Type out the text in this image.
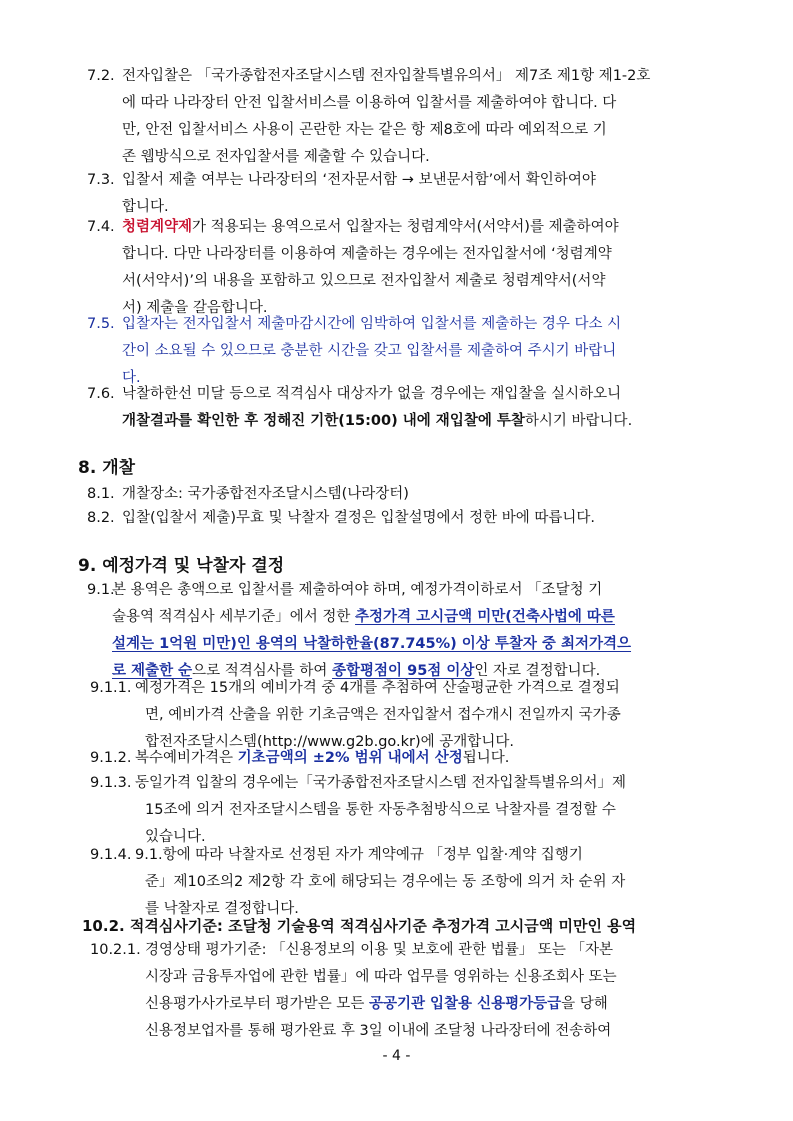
7.2. 전자입찰은 「국가종합전자조달시스템 전자입찰특별유의서」 제7조 제1항 제1-2호
에 따라 나라장터 안전 입찰서비스를 이용하여 입찰서를 제출하여야 합니다. 다
만, 안전 입찰서비스 사용이 곤란한 자는 같은 항 제8호에 따라 예외적으로 기
존 웹방식으로 전자입찰서를 제출할 수 있습니다.
7.3. 입찰서 제출 여부는 나라장터의 ‘전자문서함 → 보낸문서함’에서 확인하여야
합니다.
7.4. 청렴계약제가 적용되는 용역으로서 입찰자는 청렴계약서(서약서)를 제출하여야
합니다. 다만 나라장터를 이용하여 제출하는 경우에는 전자입찰서에 ‘청렴계약
서(서약서)’의 내용을 포함하고 있으므로 전자입찰서 제출로 청렴계약서(서약
서) 제출을 갈음합니다.
7.5. 입찰자는 전자입찰서 제출마감시간에 임박하여 입찰서를 제출하는 경우 다소 시
간이 소요될 수 있으므로 충분한 시간을 갖고 입찰서를 제출하여 주시기 바랍니
다.
7.6. 낙찰하한선 미달 등으로 적격심사 대상자가 없을 경우에는 재입찰을 실시하오니
개찰결과를 확인한 후 정해진 기한(15:00) 내에 재입찰에 투찰하시기 바랍니다.
8. 개찰
8.1. 개찰장소: 국가종합전자조달시스템(나라장터)
8.2. 입찰(입찰서 제출)무효 및 낙찰자 결정은 입찰설명에서 정한 바에 따릅니다.
9. 예정가격 및 낙찰자 결정
9.1.
본 용역은 총액으로 입찰서를 제출하여야 하며, 예정가격이하로서 「조달청 기
술용역 적격심사 세부기준」에서 정한 추정가격 고시금액 미만(건축사법에 따른
설계는 1억원 미만)인 용역의 낙찰하한율(87.745%) 이상 투찰자 중 최저가격으
로 제출한 순으로 적격심사를 하여 종합평점이 95점 이상인 자로 결정합니다.
9.1.1. 예정가격은 15개의 예비가격 중 4개를 추첨하여 산술평균한 가격으로 결정되
면, 예비가격 산출을 위한 기초금액은 전자입찰서 접수개시 전일까지 국가종
합전자조달시스템(http://www.g2b.go.kr)에 공개합니다.
9.1.2. 복수예비가격은 기초금액의 ±2% 범위 내에서 산정됩니다.
9.1.3. 동일가격 입찰의 경우에는「국가종합전자조달시스템 전자입찰특별유의서」제
15조에 의거 전자조달시스템을 통한 자동추첨방식으로 낙찰자를 결정할 수
있습니다.
9.1.4. 9.1.항에 따라 낙찰자로 선정된 자가 계약예규 「정부 입찰·계약 집행기
준」제10조의2 제2항 각 호에 해당되는 경우에는 동 조항에 의거 차 순위 자
를 낙찰자로 결정합니다.
10.2. 적격심사기준: 조달청 기술용역 적격심사기준 추정가격 고시금액 미만인 용역
10.2.1. 경영상태 평가기준: 「신용정보의 이용 및 보호에 관한 법률」 또는 「자본
시장과 금융투자업에 관한 법률」에 따라 업무를 영위하는 신용조회사 또는
신용평가사가로부터 평가받은 모든 공공기관 입찰용 신용평가등급을 당해
신용정보업자를 통해 평가완료 후 3일 이내에 조달청 나라장터에 전송하여
- 4 -
